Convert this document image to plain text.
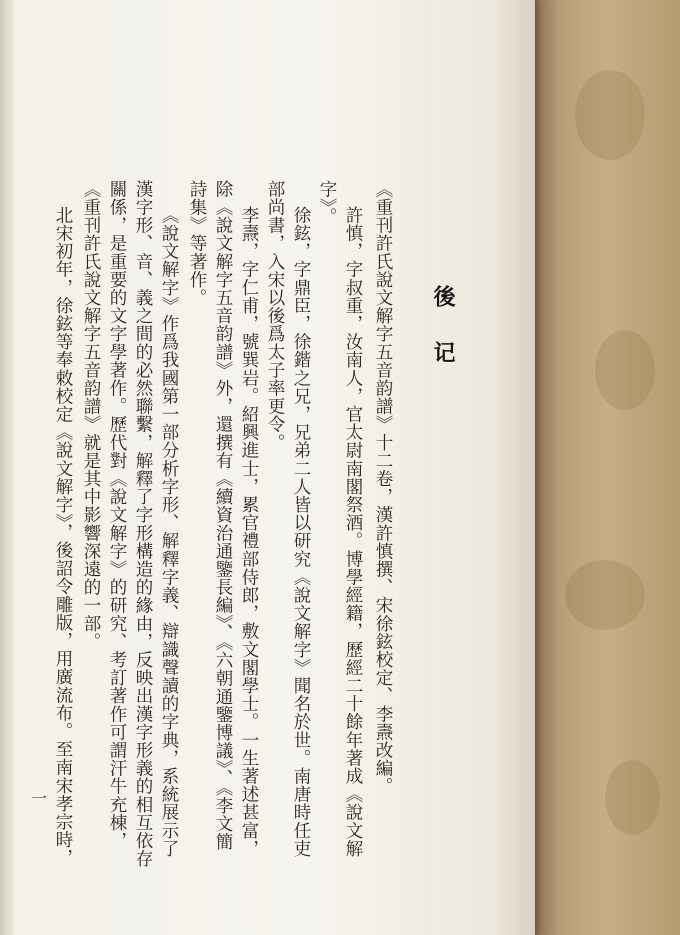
後记
《重刊許氏說文解字五音韵譜》十二卷，漢許慎撰、宋徐鉉校定、李燾改編。
許慎，字叔重，汝南人，官太尉南閣祭酒。博學經籍，歷經二十餘年著成《說文解
字》。
徐鉉，字鼎臣，徐鍇之兄，兄弟二人皆以研究《說文解字》聞名於世。南唐時任吏
部尚書，入宋以後爲太子率更令。
李燾，字仁甫，號巽岩。紹興進士，累官禮部侍郎，敷文閣學士。一生著述甚富，
除《說文解字五音韵譜》外，還撰有《續資治通鑒長編》、《六朝通鑒博議》、《李文簡
詩集》等著作。
《說文解字》作爲我國第一部分析字形、解釋字義、辯識聲讀的字典，系統展示了
漢字形、音、義之間的必然聯繫，解釋了字形構造的緣由，反映出漢字形義的相互依存
關係，是重要的文字學著作。歷代對《說文解字》的研究、考訂著作可謂汗牛充棟，
《重刊許氏說文解字五音韵譜》就是其中影響深遠的一部。
北宋初年，徐鉉等奉敕校定《說文解字》，後詔令雕版，用廣流布。至南宋孝宗時，
一
